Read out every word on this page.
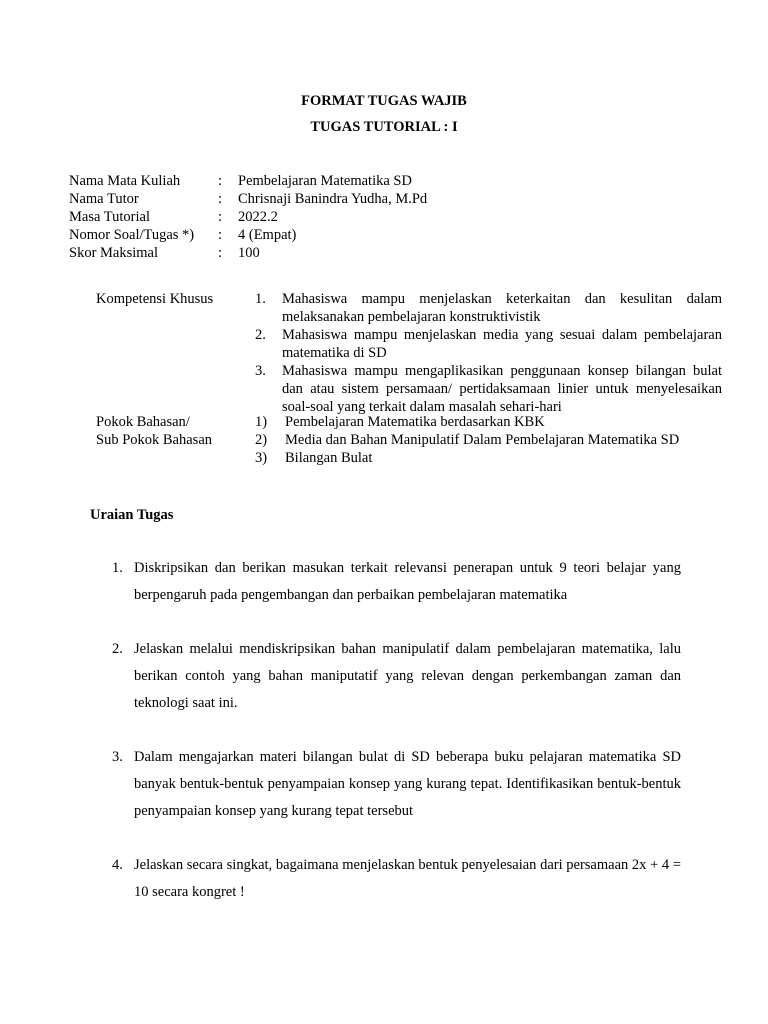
FORMAT TUGAS WAJIB
TUGAS TUTORIAL : I
Nama Mata Kuliah	:	Pembelajaran Matematika SD
Nama Tutor	:	Chrisnaji Banindra Yudha, M.Pd
Masa Tutorial	:	2022.2
Nomor Soal/Tugas *)	:	4 (Empat)
Skor Maksimal	:	100
Kompetensi Khusus	1.	Mahasiswa mampu menjelaskan keterkaitan dan kesulitan dalam melaksanakan pembelajaran konstruktivistik
2.	Mahasiswa mampu menjelaskan media yang sesuai dalam pembelajaran matematika di SD
3.	Mahasiswa mampu mengaplikasikan penggunaan konsep bilangan bulat dan atau sistem persamaan/ pertidaksamaan linier untuk menyelesaikan soal-soal yang terkait dalam masalah sehari-hari
Pokok Bahasan/
Sub Pokok Bahasan
1)	Pembelajaran Matematika berdasarkan KBK
2)	Media dan Bahan Manipulatif Dalam Pembelajaran Matematika SD
3)	Bilangan Bulat
Uraian Tugas
1. Diskripsikan dan berikan masukan terkait relevansi penerapan untuk 9 teori belajar yang berpengaruh pada pengembangan dan perbaikan pembelajaran matematika
2. Jelaskan melalui mendiskripsikan bahan manipulatif dalam pembelajaran matematika, lalu berikan contoh yang bahan maniputatif yang relevan dengan perkembangan zaman dan teknologi saat ini.
3. Dalam mengajarkan materi bilangan bulat di SD beberapa buku pelajaran matematika SD banyak bentuk-bentuk penyampaian konsep yang kurang tepat. Identifikasikan bentuk-bentuk penyampaian konsep yang kurang tepat tersebut
4. Jelaskan secara singkat, bagaimana menjelaskan bentuk penyelesaian dari persamaan 2x + 4 = 10 secara kongret !
